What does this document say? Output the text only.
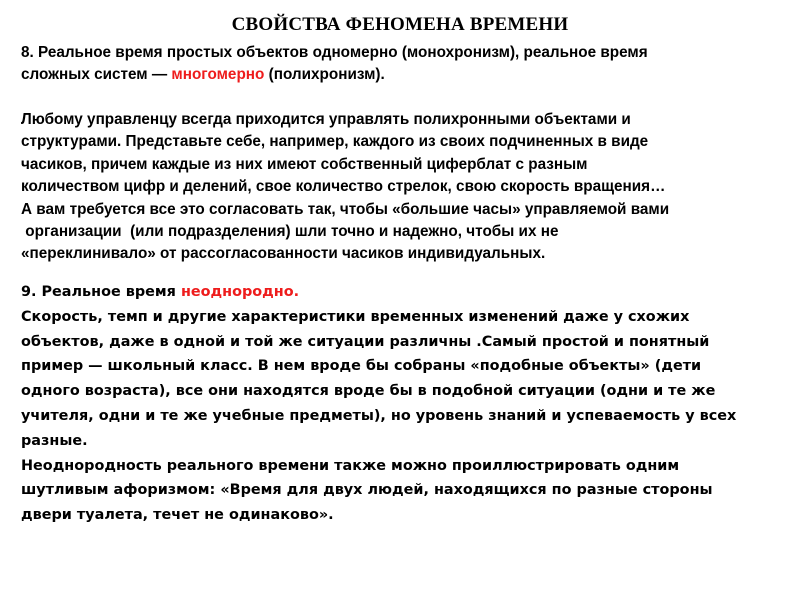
СВОЙСТВА ФЕНОМЕНА ВРЕМЕНИ
8. Реальное время простых объектов одномерно (монохронизм), реальное время
сложных систем — многомерно (полихронизм).
Любому управленцу всегда приходится управлять полихронными объектами и
структурами. Представьте себе, например, каждого из своих подчиненных в виде
часиков, причем каждые из них имеют собственный циферблат с разным
количеством цифр и делений, свое количество стрелок, свою скорость вращения…
А вам требуется все это согласовать так, чтобы «большие часы» управляемой вами
организации  (или подразделения) шли точно и надежно, чтобы их не
«переклинивало» от рассогласованности часиков индивидуальных.
9. Реальное время неоднородно.
Скорость, темп и другие характеристики временных изменений даже у схожих
объектов, даже в одной и той же ситуации различны .Самый простой и понятный
пример — школьный класс. В нем вроде бы собраны «подобные объекты» (дети
одного возраста), все они находятся вроде бы в подобной ситуации (одни и те же
учителя, одни и те же учебные предметы), но уровень знаний и успеваемость у всех
разные.
Неоднородность реального времени также можно проиллюстрировать одним
шутливым афоризмом: «Время для двух людей, находящихся по разные стороны
двери туалета, течет не одинаково».
